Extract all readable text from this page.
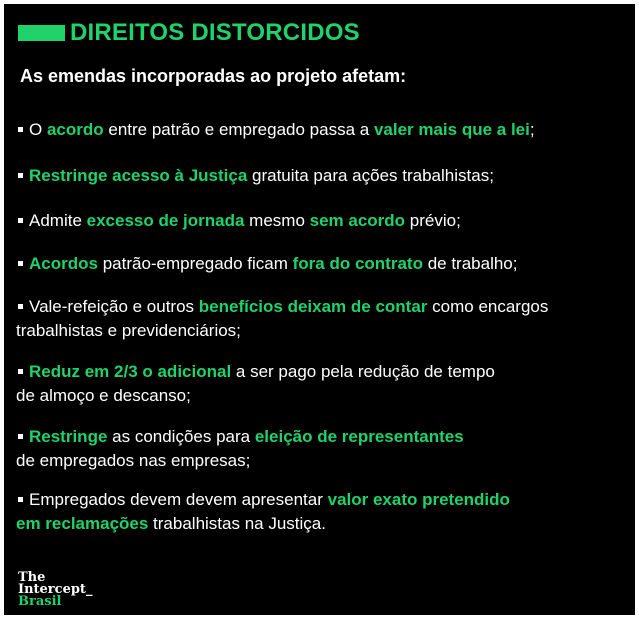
DIREITOS DISTORCIDOS
As emendas incorporadas ao projeto afetam:
O acordo entre patrão e empregado passa a valer mais que a lei;
Restringe acesso à Justiça gratuita para ações trabalhistas;
Admite excesso de jornada mesmo sem acordo prévio;
Acordos patrão-empregado ficam fora do contrato de trabalho;
Vale-refeição e outros benefícios deixam de contar como encargos
trabalhistas e previdenciários;
Reduz em 2/3 o adicional a ser pago pela redução de tempo
de almoço e descanso;
Restringe as condições para eleição de representantes
de empregados nas empresas;
Empregados devem devem apresentar valor exato pretendido
em reclamações trabalhistas na Justiça.
The
Intercept_
Brasil
